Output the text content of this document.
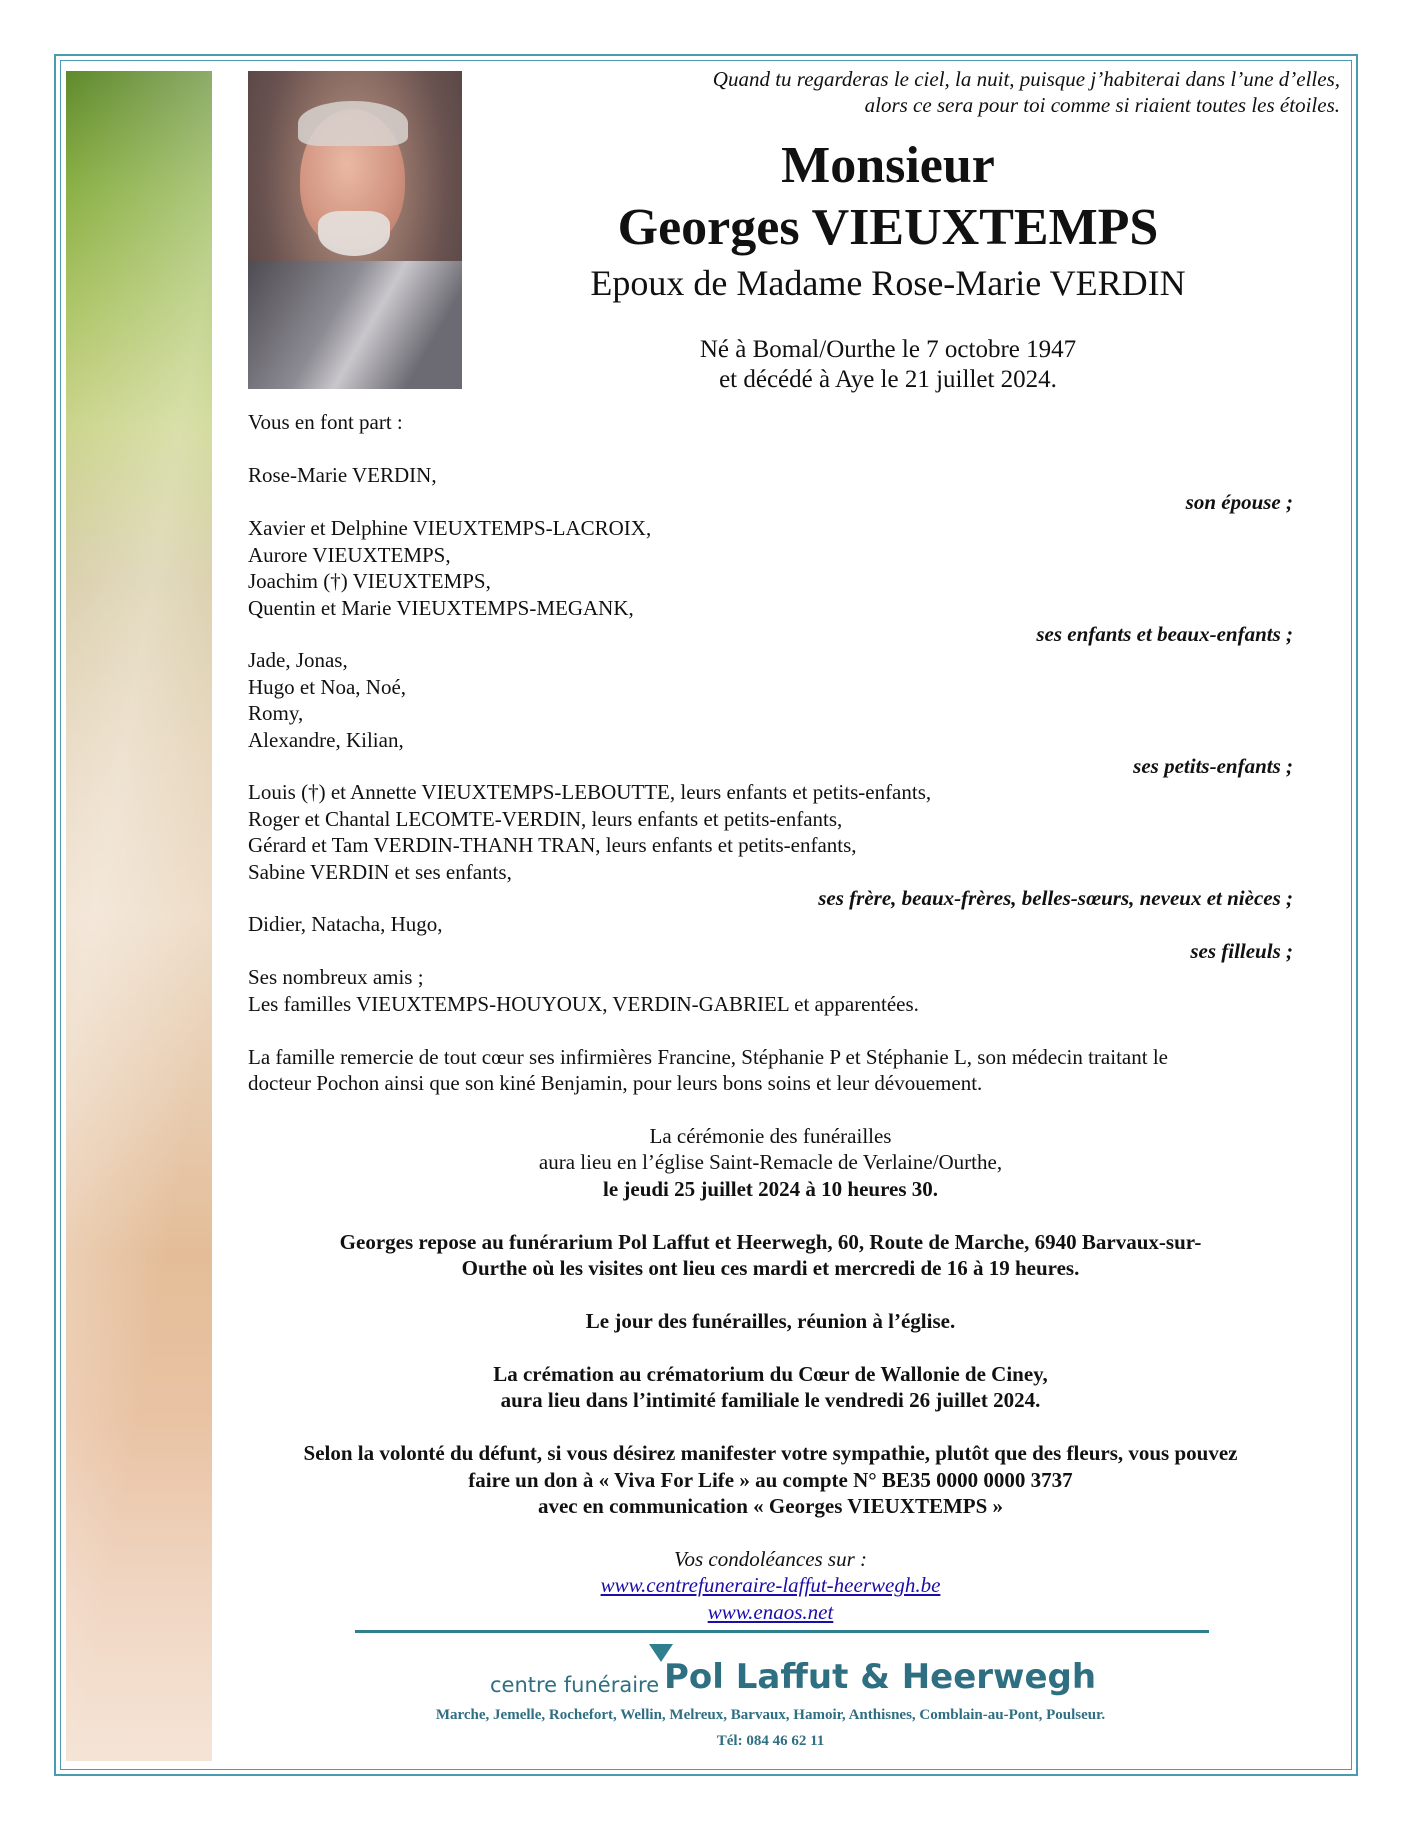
Quand tu regarderas le ciel, la nuit, puisque j’habiterai dans l’une d’elles,

alors ce sera pour toi comme si riaient toutes les étoiles.

Monsieur

Georges VIEUXTEMPS

Epoux de Madame Rose-Marie VERDIN

Né à Bomal/Ourthe le 7 octobre 1947

et décédé à Aye le 21 juillet 2024.

Vous en font part :

Rose-Marie VERDIN,

son épouse ;

Xavier et Delphine VIEUXTEMPS-LACROIX,

Aurore VIEUXTEMPS,

Joachim (†) VIEUXTEMPS,

Quentin et Marie VIEUXTEMPS-MEGANK,

ses enfants et beaux-enfants ;

Jade, Jonas,

Hugo et Noa, Noé,

Romy,

Alexandre, Kilian,

ses petits-enfants ;

Louis (†) et Annette VIEUXTEMPS-LEBOUTTE, leurs enfants et petits-enfants,

Roger et Chantal LECOMTE-VERDIN, leurs enfants et petits-enfants,

Gérard et Tam VERDIN-THANH TRAN, leurs enfants et petits-enfants,

Sabine VERDIN et ses enfants,

ses frère, beaux-frères, belles-sœurs, neveux et nièces ;

Didier, Natacha, Hugo,

ses filleuls ;

Ses nombreux amis ;

Les familles VIEUXTEMPS-HOUYOUX, VERDIN-GABRIEL et apparentées.

La famille remercie de tout cœur ses infirmières Francine, Stéphanie P et Stéphanie L, son médecin traitant le

docteur Pochon ainsi que son kiné Benjamin, pour leurs bons soins et leur dévouement.

La cérémonie des funérailles

aura lieu en l’église Saint-Remacle de Verlaine/Ourthe,

le jeudi 25 juillet 2024 à 10 heures 30.

Georges repose au funérarium Pol Laffut et Heerwegh, 60, Route de Marche, 6940 Barvaux-sur-

Ourthe où les visites ont lieu ces mardi et mercredi de 16 à 19 heures.

Le jour des funérailles, réunion à l’église.

La crémation au crématorium du Cœur de Wallonie de Ciney,

aura lieu dans l’intimité familiale le vendredi 26 juillet 2024.

Selon la volonté du défunt, si vous désirez manifester votre sympathie, plutôt que des fleurs, vous pouvez

faire un don à « Viva For Life » au compte N° BE35 0000 0000 3737

avec en communication « Georges VIEUXTEMPS »

Vos condoléances sur :

www.centrefuneraire-laffut-heerwegh.be

www.enaos.net

centre funéraire Pol Laffut & Heerwegh
Marche, Jemelle, Rochefort, Wellin, Melreux, Barvaux, Hamoir, Anthisnes, Comblain-au-Pont, Poulseur.
Tél: 084 46 62 11
